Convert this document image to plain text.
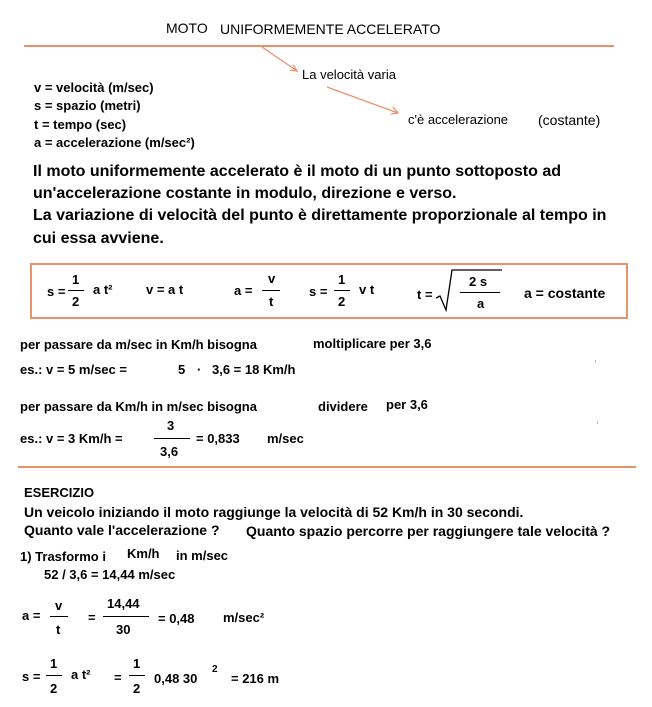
MOTO UNIFORMEMENTE ACCELERATO
La velocità varia
c'è accelerazione (costante)
v = velocità (m/sec)
s = spazio (metri)
t = tempo (sec)
a = accelerazione (m/sec²)
Il moto uniformemente accelerato è il moto di un punto sottoposto ad
un'accelerazione costante in modulo, direzione e verso.
La variazione di velocità del punto è direttamente proporzionale al tempo in
cui essa avviene.
s =
1
2
a t²	v = a t	a =
v
t
s =
1
2
v t	t =
2 s
a
a = costante
per passare da m/sec in Km/h bisogna	moltiplicare per 3,6
es.: v = 5 m/sec =	5 · 3,6 = 18 Km/h
per passare da Km/h in m/sec bisogna	dividere per 3,6
es.: v = 3 Km/h =
3
3,6
= 0,833 m/sec
ESERCIZIO
Un veicolo iniziando il moto raggiunge la velocità di 52 Km/h in 30 secondi.
Quanto vale l'accelerazione ? Quanto spazio percorre per raggiungere tale velocità ?
1) Trasformo i Km/h in m/sec
52 / 3,6 = 14,44 m/sec
a =
v
t
=
14,44
30
= 0,48 m/sec²
s =
1
2
a t² =
1
2
0,48 30
2
= 216 m
